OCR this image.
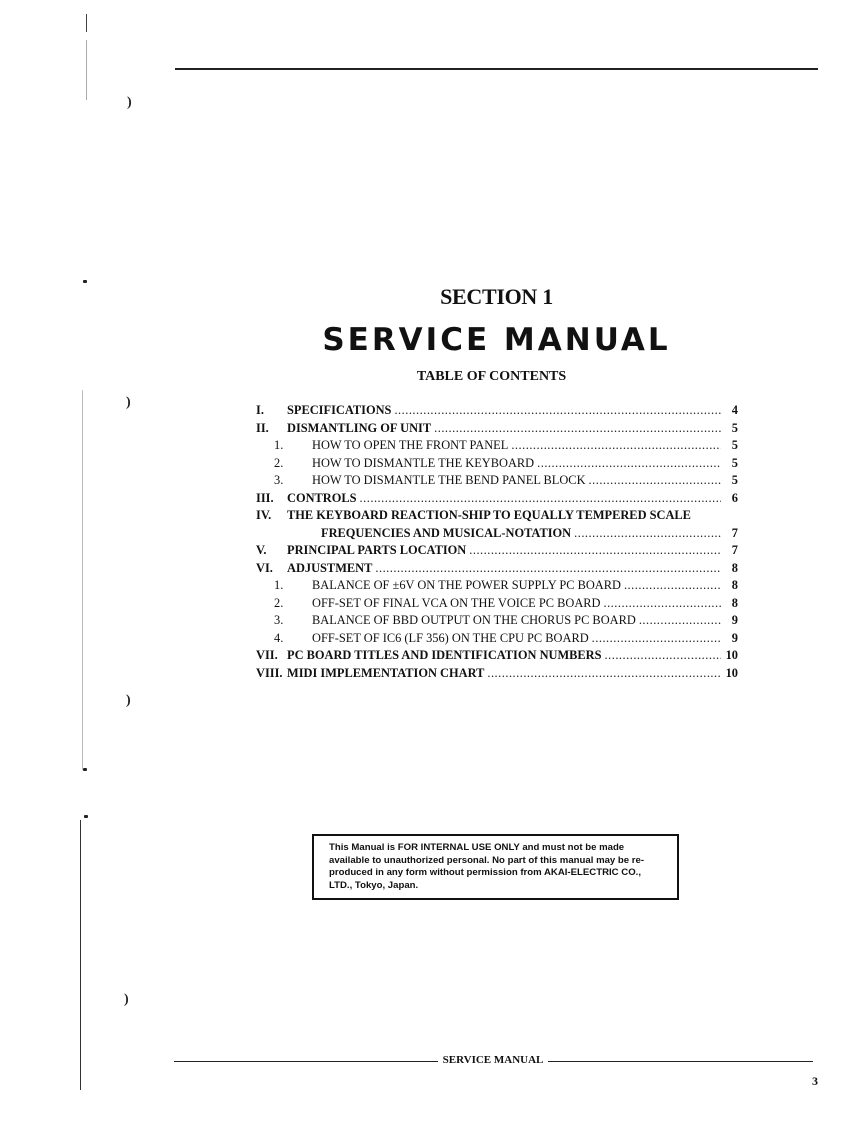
)
)
)
)
SECTION 1
SERVICE MANUAL
TABLE OF CONTENTS
I.	SPECIFICATIONS .....	4
II.	DISMANTLING OF UNIT .....	5
1.	HOW TO OPEN THE FRONT PANEL .....	5
2.	HOW TO DISMANTLE THE KEYBOARD .....	5
3.	HOW TO DISMANTLE THE BEND PANEL BLOCK .....	5
III.	CONTROLS .....	6
IV.	THE KEYBOARD REACTION-SHIP TO EQUALLY TEMPERED SCALE
FREQUENCIES AND MUSICAL-NOTATION .....	7
V.	PRINCIPAL PARTS LOCATION .....	7
VI.	ADJUSTMENT .....	8
1.	BALANCE OF ±6V ON THE POWER SUPPLY PC BOARD .....	8
2.	OFF-SET OF FINAL VCA ON THE VOICE PC BOARD .....	8
3.	BALANCE OF BBD OUTPUT ON THE CHORUS PC BOARD .....	9
4.	OFF-SET OF IC6 (LF 356) ON THE CPU PC BOARD .....	9
VII. PC BOARD TITLES AND IDENTIFICATION NUMBERS .....	10
VIII. MIDI IMPLEMENTATION CHART .....	10
This Manual is FOR INTERNAL USE ONLY and must not be made
available to unauthorized personal. No part of this manual may be re-
produced in any form without permission from AKAI-ELECTRIC CO.,
LTD., Tokyo, Japan.
SERVICE MANUAL
3
